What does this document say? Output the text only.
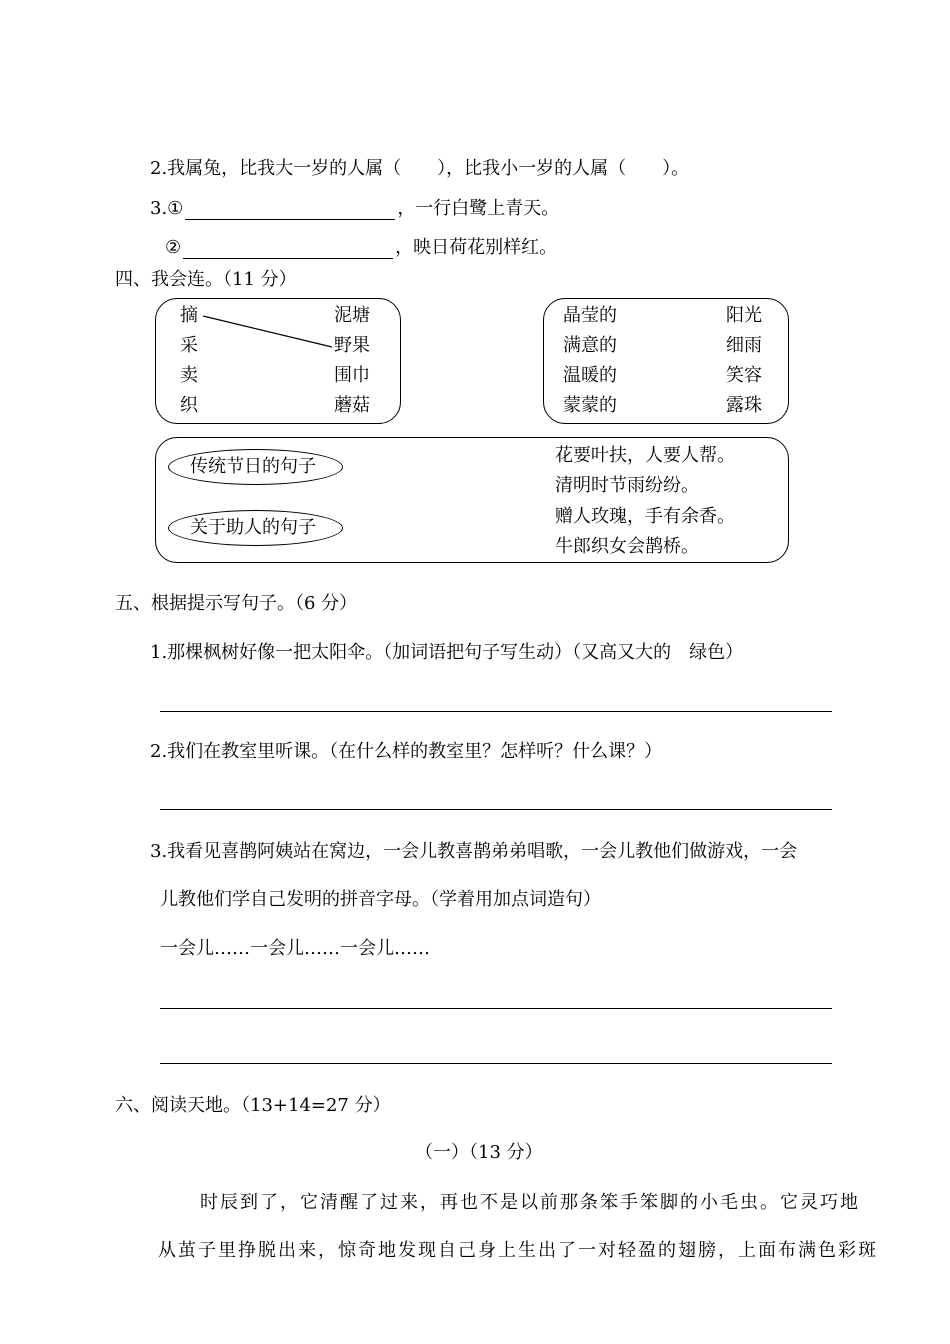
2.我属兔，比我大一岁的人属（　　），比我小一岁的人属（　　）。
3.①	，一行白鹭上青天。
②	，映日荷花别样红。
四、我会连。（11 分）
摘
采
卖
织
泥塘
野果
围巾
蘑菇
晶莹的
满意的
温暖的
蒙蒙的
阳光
细雨
笑容
露珠
传统节日的句子
关于助人的句子
花要叶扶，人要人帮。
清明时节雨纷纷。
赠人玫瑰，手有余香。
牛郎织女会鹊桥。
五、根据提示写句子。（6 分）
1.那棵枫树好像一把太阳伞。（加词语把句子写生动）（又高又大的　绿色）
2.我们在教室里听课。（在什么样的教室里？怎样听？什么课？）
3.我看见喜鹊阿姨站在窝边，一会儿教喜鹊弟弟唱歌，一会儿教他们做游戏，一会
儿教他们学自己发明的拼音字母。（学着用加点词造句）
一会儿……一会儿……一会儿……
六、阅读天地。（13+14=27 分）
（一）（13 分）
时辰到了，它清醒了过来，再也不是以前那条笨手笨脚的小毛虫。它灵巧地
从茧子里挣脱出来，惊奇地发现自己身上生出了一对轻盈的翅膀，上面布满色彩斑
